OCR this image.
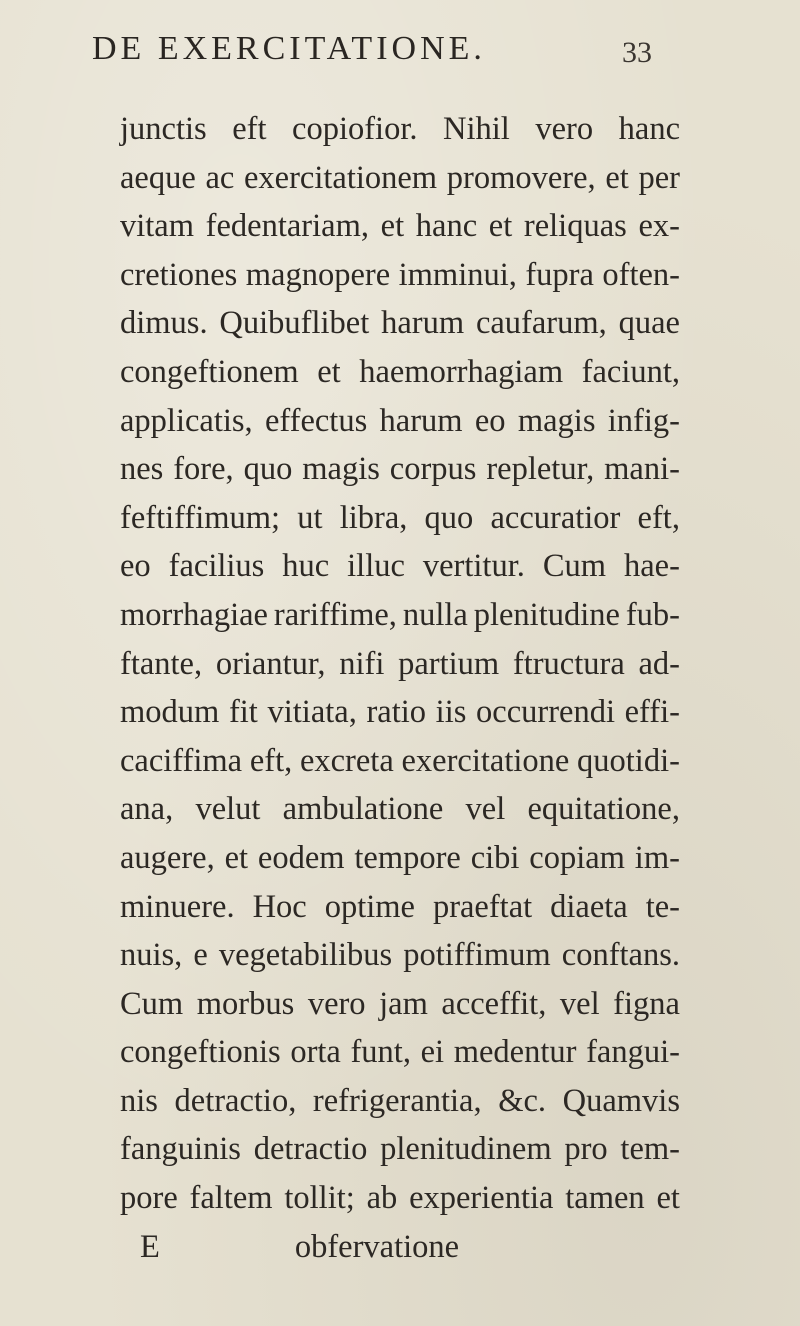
DE EXERCITATIONE.	33
junctis eft copiofior. Nihil vero hanc
aeque ac exercitationem promovere, et per
vitam fedentariam, et hanc et reliquas ex-
cretiones magnopere imminui, fupra often-
dimus. Quibuflibet harum caufarum, quae
congeftionem et haemorrhagiam faciunt,
applicatis, effectus harum eo magis infig-
nes fore, quo magis corpus repletur, mani-
feftiffimum; ut libra, quo accuratior eft,
eo facilius huc illuc vertitur. Cum hae-
morrhagiae rariffime, nulla plenitudine fub-
ftante, oriantur, nifi partium ftructura ad-
modum fit vitiata, ratio iis occurrendi effi-
caciffima eft, excreta exercitatione quotidi-
ana, velut ambulatione vel equitatione,
augere, et eodem tempore cibi copiam im-
minuere. Hoc optime praeftat diaeta te-
nuis, e vegetabilibus potiffimum conftans.
Cum morbus vero jam acceffit, vel figna
congeftionis orta funt, ei medentur fangui-
nis detractio, refrigerantia, &c. Quamvis
fanguinis detractio plenitudinem pro tem-
pore faltem tollit; ab experientia tamen et
E	obfervatione
